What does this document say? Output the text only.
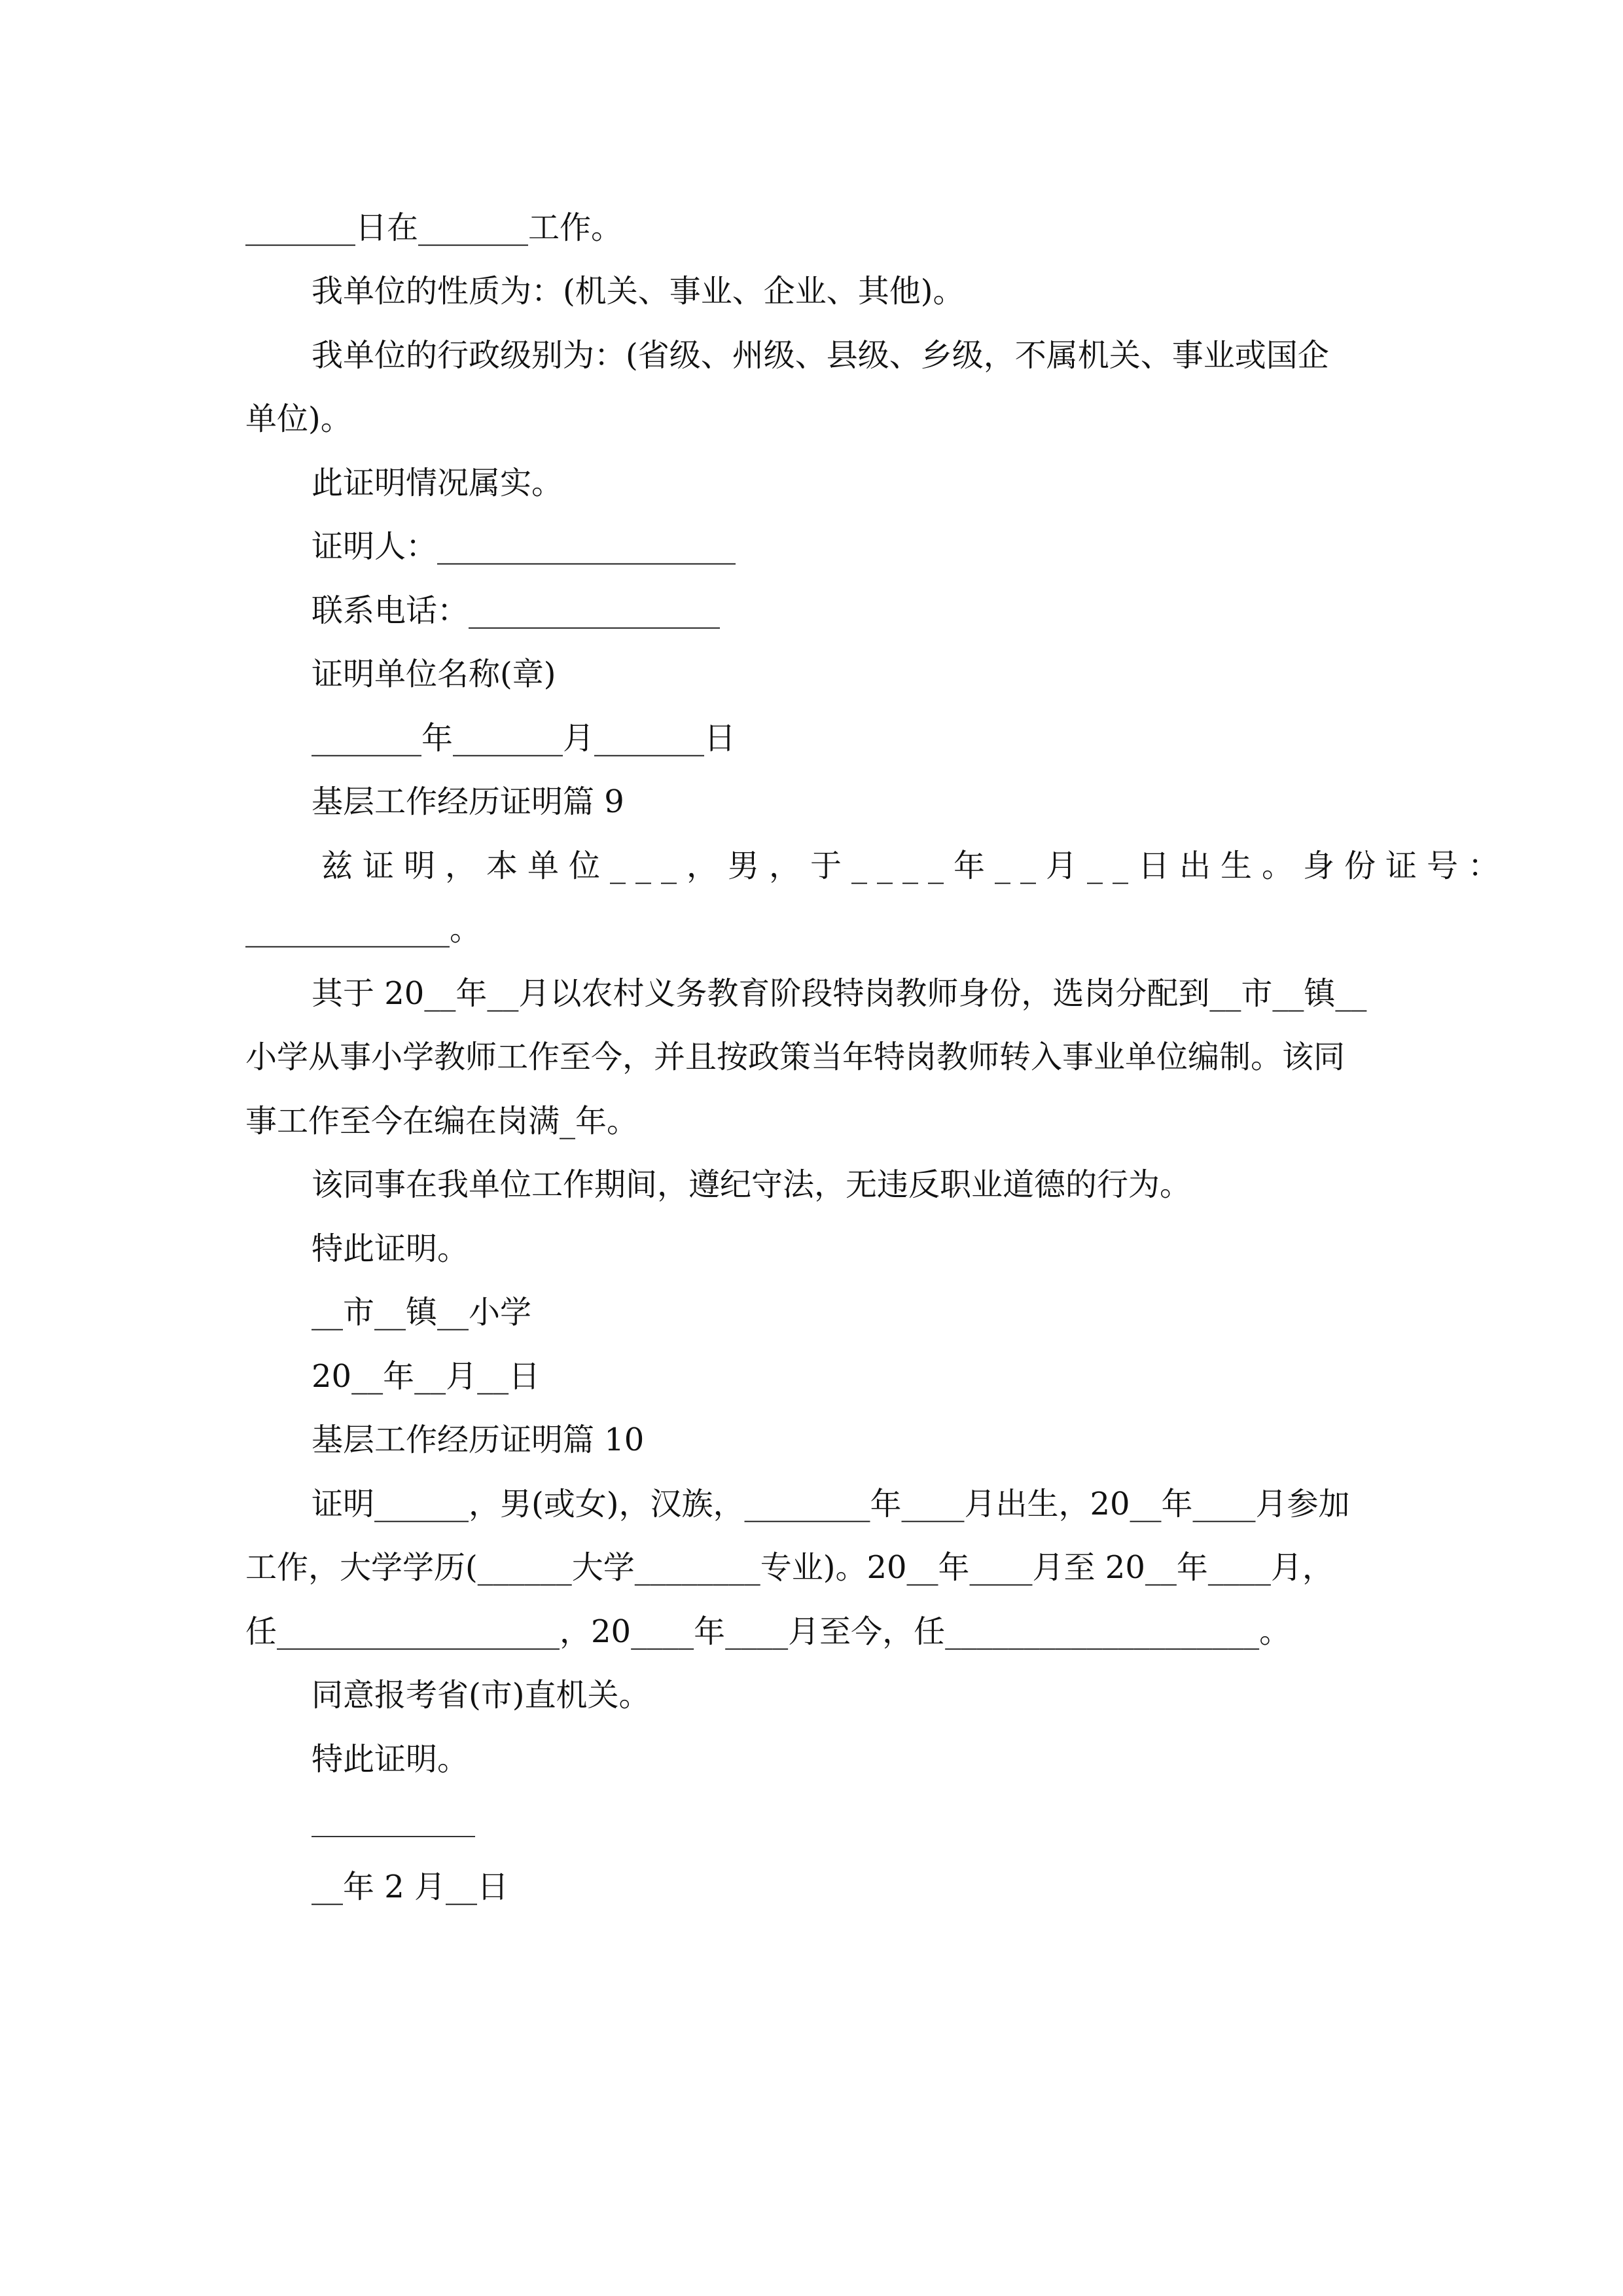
_______日在_______工作。

我单位的性质为：(机关、事业、企业、其他)。

我单位的行政级别为：(省级、州级、县级、乡级，不属机关、事业或国企

单位)。

此证明情况属实。

证明人：___________________

联系电话：________________

证明单位名称(章)

_______年_______月_______日

基层工作经历证明篇 9

兹证明，本单位___，男，于____年__月__日出生。身份证号：

_____________。

其于 20__年__月以农村义务教育阶段特岗教师身份，选岗分配到__市__镇__

小学从事小学教师工作至今，并且按政策当年特岗教师转入事业单位编制。该同

事工作至今在编在岗满_年。

该同事在我单位工作期间，遵纪守法，无违反职业道德的行为。

特此证明。

__市__镇__小学

20__年__月__日

基层工作经历证明篇 10

证明______，男(或女)，汉族，________年____月出生，20__年____月参加

工作，大学学历(______大学________专业)。20__年____月至 20__年____月，

任__________________，20____年____月至今，任____________________。

同意报考省(市)直机关。

特此证明。

__年 2 月__日
